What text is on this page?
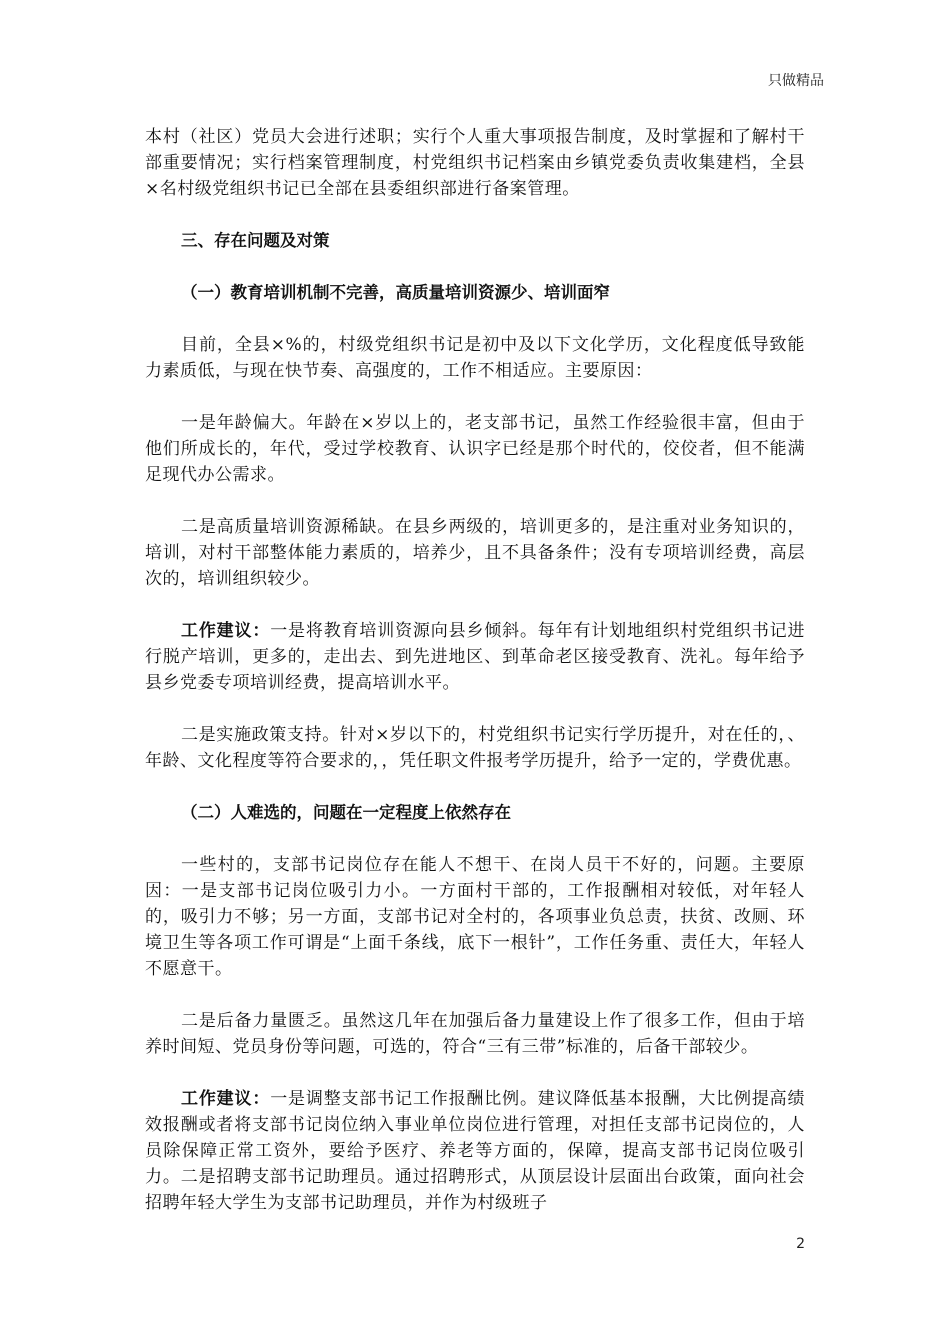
只做精品

本村（社区）党员大会进行述职；实行个人重大事项报告制度，及时掌握和了解村干部重要情况；实行档案管理制度，村党组织书记档案由乡镇党委负责收集建档，全县×名村级党组织书记已全部在县委组织部进行备案管理。

三、存在问题及对策
（一）教育培训机制不完善，高质量培训资源少、培训面窄

目前，全县×%的，村级党组织书记是初中及以下文化学历，文化程度低导致能力素质低，与现在快节奏、高强度的，工作不相适应。主要原因：

一是年龄偏大。年龄在×岁以上的，老支部书记，虽然工作经验很丰富，但由于他们所成长的，年代，受过学校教育、认识字已经是那个时代的，佼佼者，但不能满足现代办公需求。

二是高质量培训资源稀缺。在县乡两级的，培训更多的，是注重对业务知识的，培训，对村干部整体能力素质的，培养少，且不具备条件；没有专项培训经费，高层次的，培训组织较少。

工作建议：一是将教育培训资源向县乡倾斜。每年有计划地组织村党组织书记进行脱产培训，更多的，走出去、到先进地区、到革命老区接受教育、洗礼。每年给予县乡党委专项培训经费，提高培训水平。

二是实施政策支持。针对×岁以下的，村党组织书记实行学历提升，对在任的，、年龄、文化程度等符合要求的，，凭任职文件报考学历提升，给予一定的，学费优惠。

（二）人难选的，问题在一定程度上依然存在

一些村的，支部书记岗位存在能人不想干、在岗人员干不好的，问题。主要原因：一是支部书记岗位吸引力小。一方面村干部的，工作报酬相对较低，对年轻人的，吸引力不够；另一方面，支部书记对全村的，各项事业负总责，扶贫、改厕、环境卫生等各项工作可谓是“上面千条线，底下一根针”，工作任务重、责任大，年轻人不愿意干。

二是后备力量匮乏。虽然这几年在加强后备力量建设上作了很多工作，但由于培养时间短、党员身份等问题，可选的，符合“三有三带”标准的，后备干部较少。

工作建议：一是调整支部书记工作报酬比例。建议降低基本报酬，大比例提高绩效报酬或者将支部书记岗位纳入事业单位岗位进行管理，对担任支部书记岗位的，人员除保障正常工资外，要给予医疗、养老等方面的，保障，提高支部书记岗位吸引力。二是招聘支部书记助理员。通过招聘形式，从顶层设计层面出台政策，面向社会招聘年轻大学生为支部书记助理员，并作为村级班子

2
